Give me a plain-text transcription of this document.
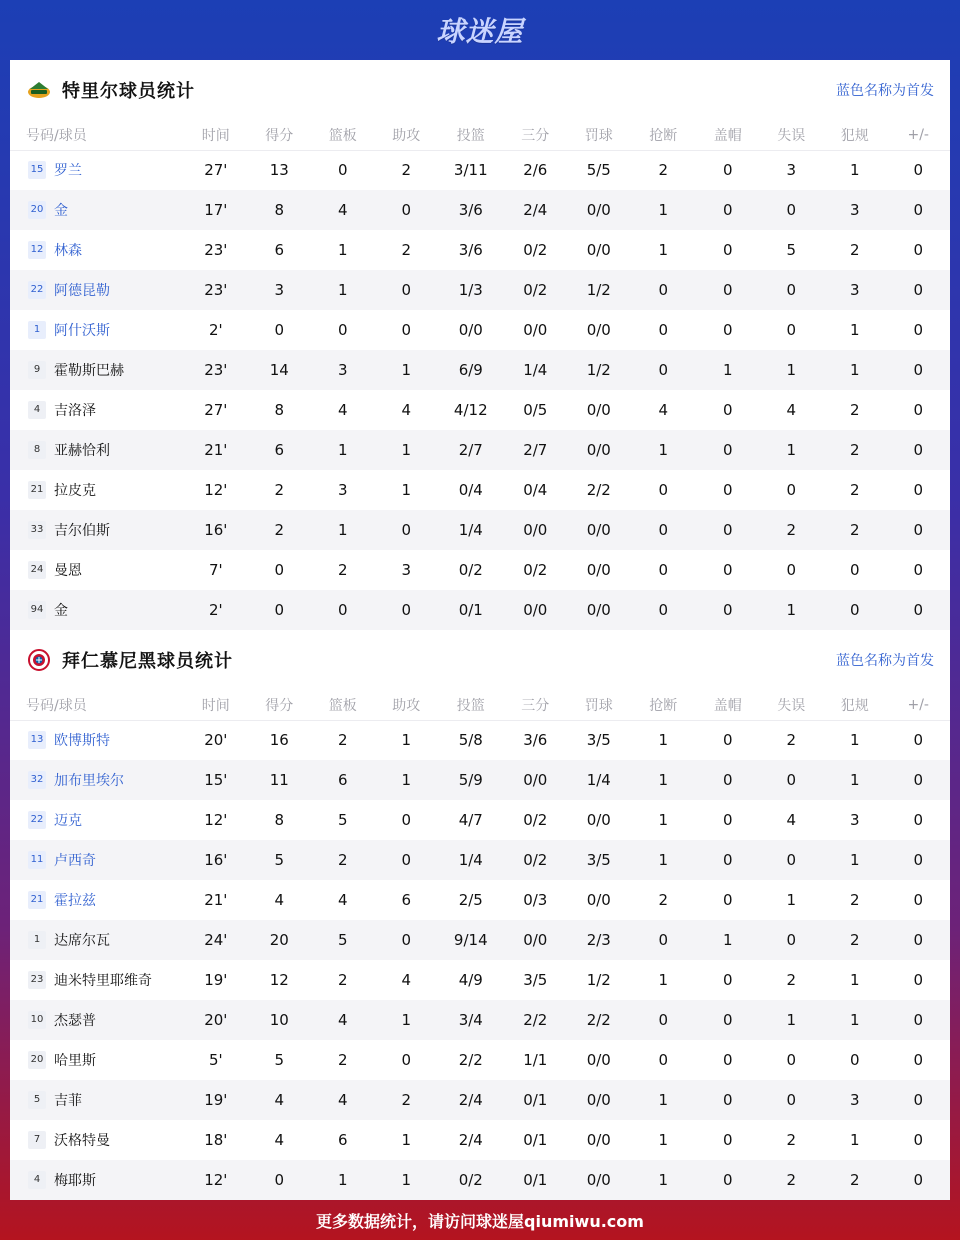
球迷屋
特里尔球员统计	蓝色名称为首发
号码/球员	时间	得分	篮板	助攻	投篮	三分	罚球	抢断	盖帽	失误	犯规	+/-
15 罗兰	27'	13	0	2	3/11	2/6	5/5	2	0	3	1	0
20 金	17'	8	4	0	3/6	2/4	0/0	1	0	0	3	0
12 林森	23'	6	1	2	3/6	0/2	0/0	1	0	5	2	0
22 阿德昆勒	23'	3	1	0	1/3	0/2	1/2	0	0	0	3	0
1 阿什沃斯	2'	0	0	0	0/0	0/0	0/0	0	0	0	1	0
9 霍勒斯巴赫	23'	14	3	1	6/9	1/4	1/2	0	1	1	1	0
4 吉洛泽	27'	8	4	4	4/12	0/5	0/0	4	0	4	2	0
8 亚赫恰利	21'	6	1	1	2/7	2/7	0/0	1	0	1	2	0
21 拉皮克	12'	2	3	1	0/4	0/4	2/2	0	0	0	2	0
33 吉尔伯斯	16'	2	1	0	1/4	0/0	0/0	0	0	2	2	0
24 曼恩	7'	0	2	3	0/2	0/2	0/0	0	0	0	0	0
94 金	2'	0	0	0	0/1	0/0	0/0	0	0	1	0	0
拜仁慕尼黑球员统计	蓝色名称为首发
号码/球员	时间	得分	篮板	助攻	投篮	三分	罚球	抢断	盖帽	失误	犯规	+/-
13 欧博斯特	20'	16	2	1	5/8	3/6	3/5	1	0	2	1	0
32 加布里埃尔	15'	11	6	1	5/9	0/0	1/4	1	0	0	1	0
22 迈克	12'	8	5	0	4/7	0/2	0/0	1	0	4	3	0
11 卢西奇	16'	5	2	0	1/4	0/2	3/5	1	0	0	1	0
21 霍拉兹	21'	4	4	6	2/5	0/3	0/0	2	0	1	2	0
1 达席尔瓦	24'	20	5	0	9/14	0/0	2/3	0	1	0	2	0
23 迪米特里耶维奇	19'	12	2	4	4/9	3/5	1/2	1	0	2	1	0
10 杰瑟普	20'	10	4	1	3/4	2/2	2/2	0	0	1	1	0
20 哈里斯	5'	5	2	0	2/2	1/1	0/0	0	0	0	0	0
5 吉菲	19'	4	4	2	2/4	0/1	0/0	1	0	0	3	0
7 沃格特曼	18'	4	6	1	2/4	0/1	0/0	1	0	2	1	0
4 梅耶斯	12'	0	1	1	0/2	0/1	0/0	1	0	2	2	0
更多数据统计，请访问球迷屋qiumiwu.com
